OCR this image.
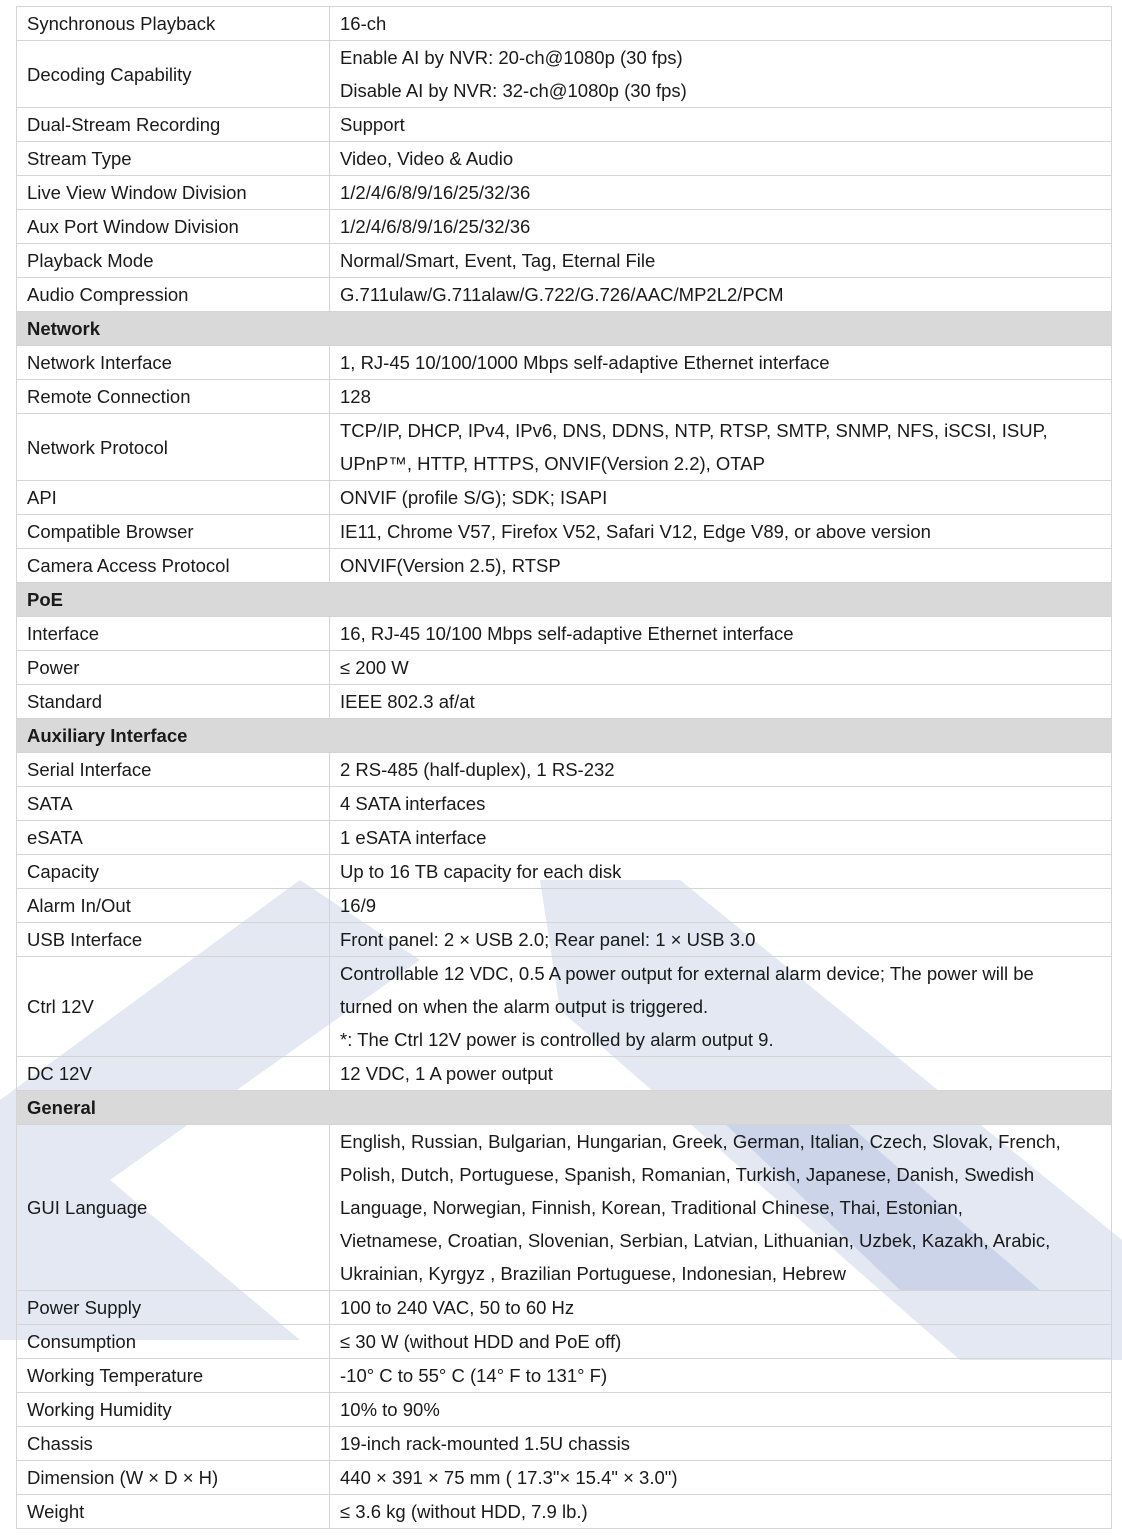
Synchronous Playback	16-ch

Decoding Capability	Enable AI by NVR: 20-ch@1080p (30 fps)
Disable AI by NVR: 32-ch@1080p (30 fps)

Dual-Stream Recording	Support

Stream Type	Video, Video & Audio

Live View Window Division	1/2/4/6/8/9/16/25/32/36

Aux Port Window Division	1/2/4/6/8/9/16/25/32/36

Playback Mode	Normal/Smart, Event, Tag, Eternal File

Audio Compression	G.711ulaw/G.711alaw/G.722/G.726/AAC/MP2L2/PCM

Network	
Network Interface	1, RJ-45 10/100/1000 Mbps self-adaptive Ethernet interface

Remote Connection	128

Network Protocol	TCP/IP, DHCP, IPv4, IPv6, DNS, DDNS, NTP, RTSP, SMTP, SNMP, NFS, iSCSI, ISUP,
UPnP™, HTTP, HTTPS, ONVIF(Version 2.2), OTAP

API	ONVIF (profile S/G); SDK; ISAPI

Compatible Browser	IE11, Chrome V57, Firefox V52, Safari V12, Edge V89, or above version

Camera Access Protocol	ONVIF(Version 2.5), RTSP

PoE	
Interface	16, RJ-45 10/100 Mbps self-adaptive Ethernet interface

Power	≤ 200 W

Standard	IEEE 802.3 af/at

Auxiliary Interface	
Serial Interface	2 RS-485 (half-duplex), 1 RS-232

SATA	4 SATA interfaces

eSATA	1 eSATA interface

Capacity	Up to 16 TB capacity for each disk

Alarm In/Out	16/9

USB Interface	Front panel: 2 × USB 2.0; Rear panel: 1 × USB 3.0

Ctrl 12V	Controllable 12 VDC, 0.5 A power output for external alarm device; The power will be
turned on when the alarm output is triggered.
*: The Ctrl 12V power is controlled by alarm output 9.

DC 12V	12 VDC, 1 A power output

General	
GUI Language	English, Russian, Bulgarian, Hungarian, Greek, German, Italian, Czech, Slovak, French,
Polish, Dutch, Portuguese, Spanish, Romanian, Turkish, Japanese, Danish, Swedish
Language, Norwegian, Finnish, Korean, Traditional Chinese, Thai, Estonian,
Vietnamese, Croatian, Slovenian, Serbian, Latvian, Lithuanian, Uzbek, Kazakh, Arabic,
Ukrainian, Kyrgyz , Brazilian Portuguese, Indonesian, Hebrew

Power Supply	100 to 240 VAC, 50 to 60 Hz

Consumption	≤ 30 W (without HDD and PoE off)

Working Temperature	-10° C to 55° C (14° F to 131° F)

Working Humidity	10% to 90%

Chassis	19-inch rack-mounted 1.5U chassis

Dimension (W × D × H)	440 × 391 × 75 mm ( 17.3"× 15.4" × 3.0")

Weight	≤ 3.6 kg (without HDD, 7.9 lb.)
